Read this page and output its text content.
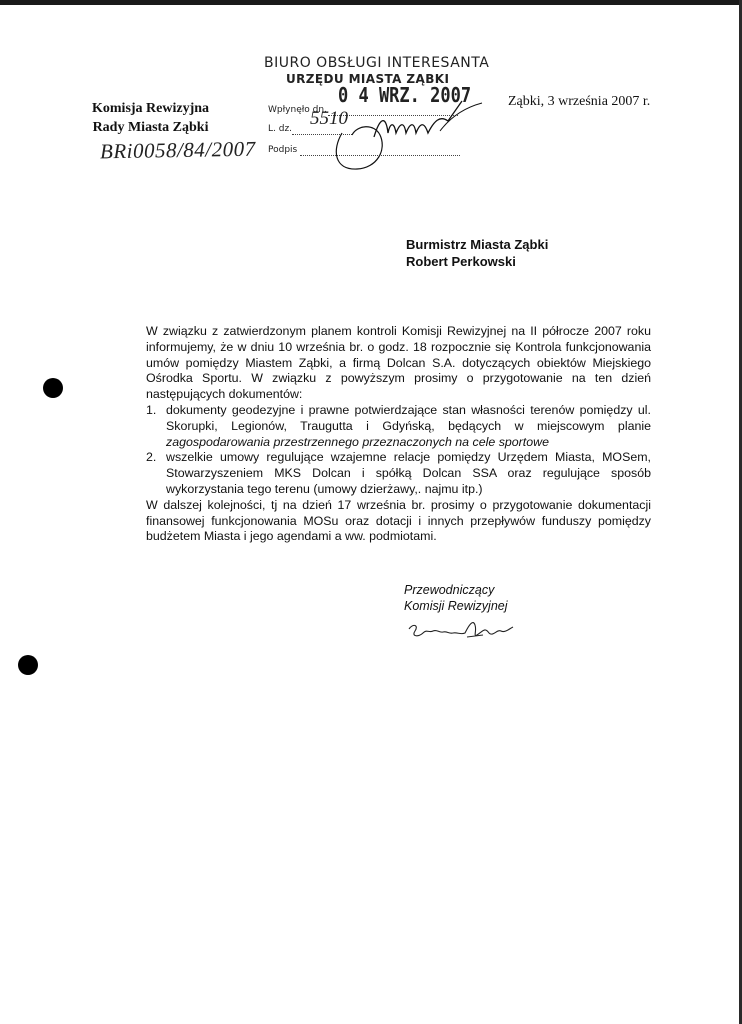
Komisja Rewizyjna
Rady Miasta Ząbki
BRi0058/84/2007
BIURO OBSŁUGI INTERESANTA
URZĘDU MIASTA ZĄBKI
0 4 WRZ. 2007
Wpłynęło dn.
L. dz. 5510
Podpis
Ząbki, 3 września 2007 r.
Burmistrz Miasta Ząbki
Robert Perkowski

W związku z zatwierdzonym planem kontroli Komisji Rewizyjnej na II półrocze 2007 roku informujemy, że w dniu 10 września br. o godz. 18 rozpocznie się Kontrola funkcjonowania umów pomiędzy Miastem Ząbki, a firmą Dolcan S.A. dotyczących obiektów Miejskiego Ośrodka Sportu. W związku z powyższym prosimy o przygotowanie na ten dzień następujących dokumentów:

1. dokumenty geodezyjne i prawne potwierdzające stan własności terenów pomiędzy ul. Skorupki, Legionów, Traugutta i Gdyńską, będących w miejscowym planie zagospodarowania przestrzennego przeznaczonych na cele sportowe
2. wszelkie umowy regulujące wzajemne relacje pomiędzy Urzędem Miasta, MOSem, Stowarzyszeniem MKS Dolcan i spółką Dolcan SSA oraz regulujące sposób wykorzystania tego terenu (umowy dzierżawy,. najmu itp.)

W dalszej kolejności, tj na dzień 17 września br. prosimy o przygotowanie dokumentacji finansowej funkcjonowania MOSu oraz dotacji i innych przepływów funduszy pomiędzy budżetem Miasta i jego agendami a ww. podmiotami.

Przewodniczący
Komisji Rewizyjnej
